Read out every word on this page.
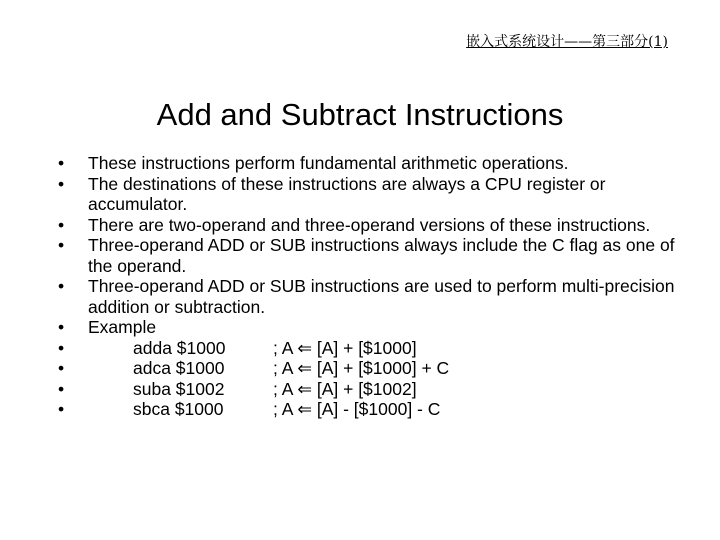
嵌入式系统设计——第三部分(1)
Add and Subtract Instructions
• These instructions perform fundamental arithmetic operations.
• The destinations of these instructions are always a CPU register or accumulator.
• There are two-operand and three-operand versions of these instructions.
• Three-operand ADD or SUB instructions always include the C flag as one of the operand.
• Three-operand ADD or SUB instructions are used to perform multi-precision addition or subtraction.
• Example
•	adda $1000	; A ⇐ [A] + [$1000]
•	adca $1000	; A ⇐ [A] + [$1000] + C
•	suba $1002	; A ⇐ [A] + [$1002]
•	sbca $1000	; A ⇐ [A] - [$1000] - C
